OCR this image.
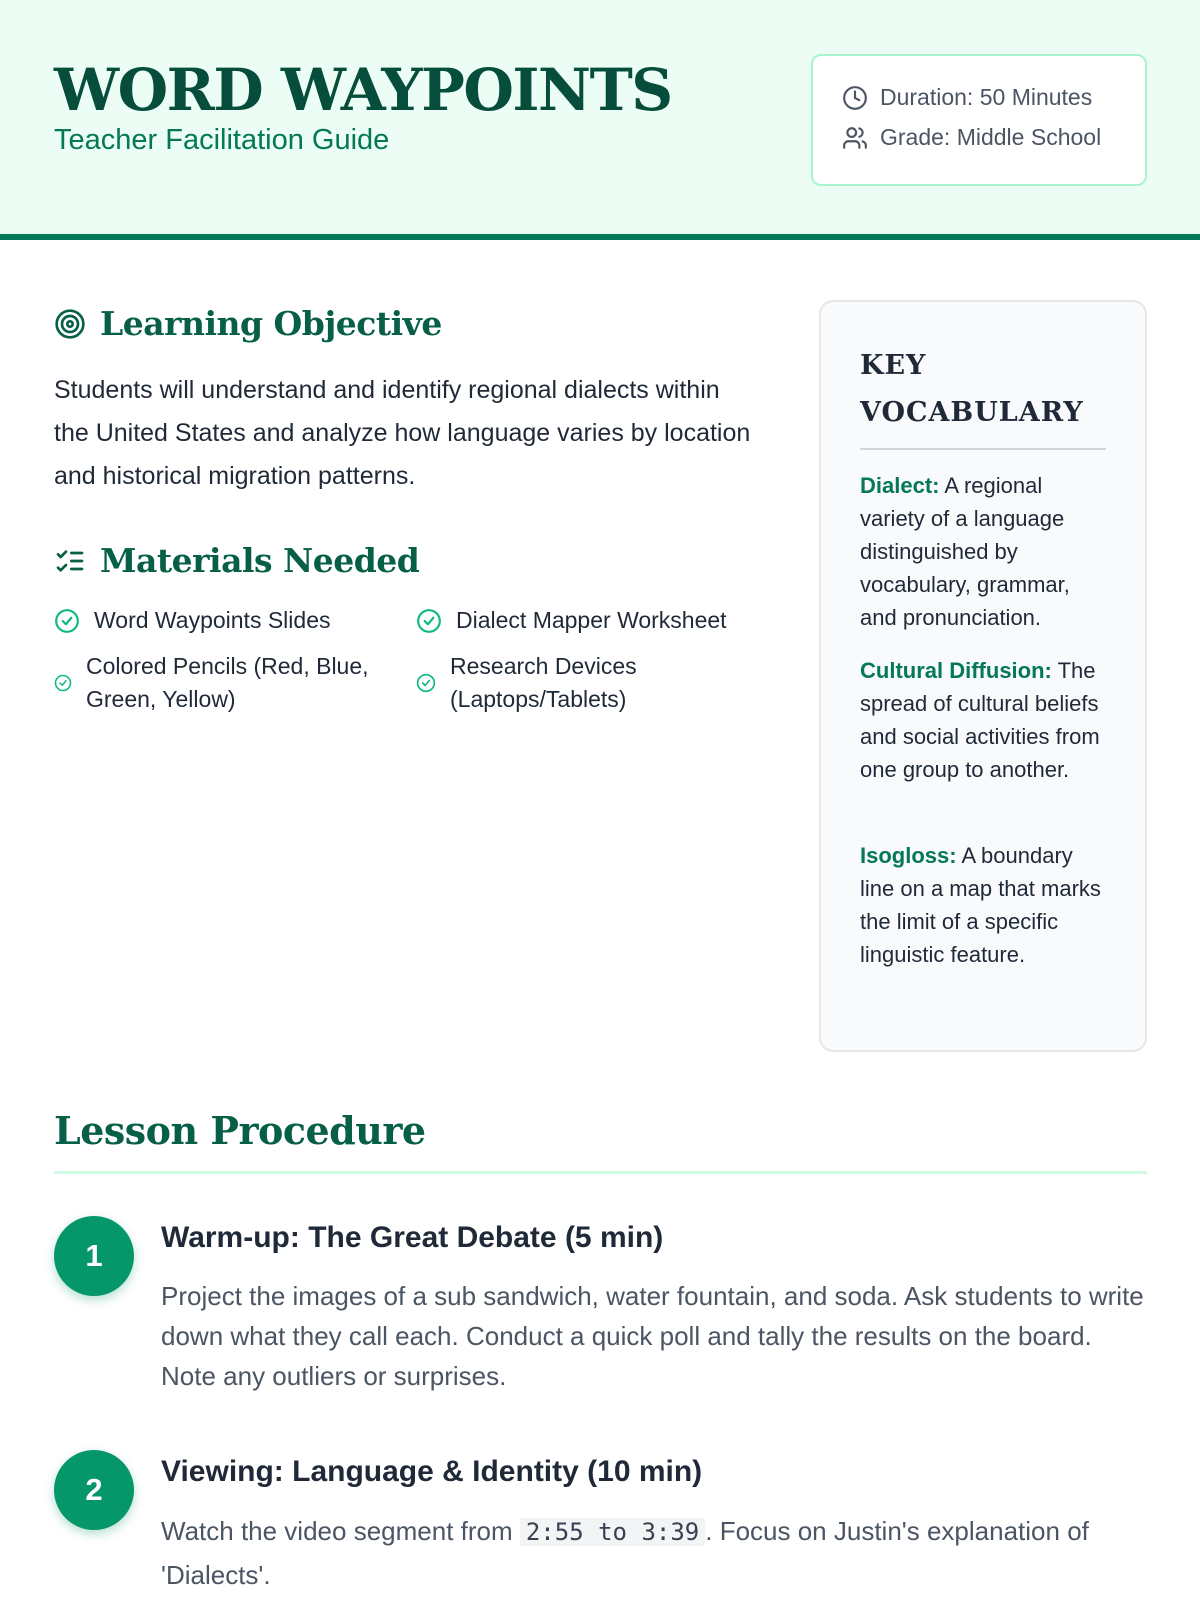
WORD WAYPOINTS
Teacher Facilitation Guide
Duration: 50 Minutes
Grade: Middle School
Learning Objective
Students will understand and identify regional dialects within the United States and analyze how language varies by location and historical migration patterns.
Materials Needed
Word Waypoints Slides	Dialect Mapper Worksheet
Colored Pencils (Red, Blue, Green, Yellow)
Research Devices (Laptops/Tablets)
KEY VOCABULARY
Dialect: A regional variety of a language distinguished by vocabulary, grammar, and pronunciation.
Cultural Diffusion: The spread of cultural beliefs and social activities from one group to another.
Isogloss: A boundary line on a map that marks the limit of a specific linguistic feature.
Lesson Procedure
1
Warm-up: The Great Debate (5 min)
Project the images of a sub sandwich, water fountain, and soda. Ask students to write down what they call each. Conduct a quick poll and tally the results on the board. Note any outliers or surprises.
2
Viewing: Language & Identity (10 min)
Watch the video segment from 2:55 to 3:39 . Focus on Justin's explanation of 'Dialects'.
